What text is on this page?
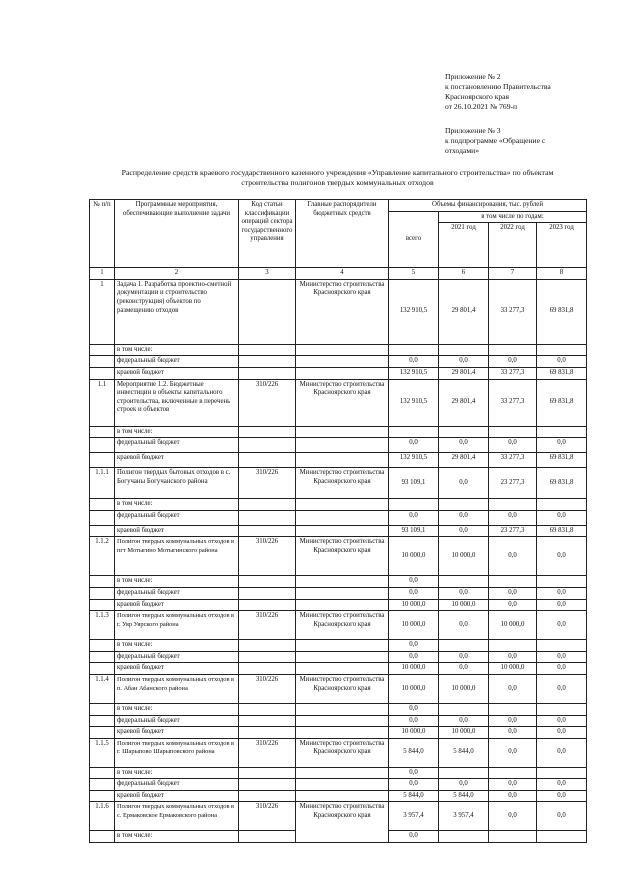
Приложение № 2
к постановлению Правительства
Красноярского края
от 26.10.2021 № 769-п
Приложение № 3
к подпрограмме «Обращение с
отходами»
Распределение средств краевого государственного казенного учреждения «Управление капитального строительства» по объектам
строительства полигонов твердых коммунальных отходов
№ п/п	Программные мероприятия, обеспечивающие выполнение задачи	Код статьи классификации операций сектора государственного управления	Главные распорядители бюджетных средств	Объемы финансирования, тыс. рублей			
				всего	в том числе по годам:		
					2021 год	2022 год	2023 год
1	2	3	4	5	6	7	8
1	Задача 1. Разработка проектно-сметной документации и строительство (реконструкция) объектов по размещению отходов		Министерство строительства Красноярского края	132 910,5	29 801,4	33 277,3	69 831,8
	в том числе:						
	федеральный бюджет			0,0	0,0	0,0	0,0
	краевой бюджет			132 910,5	29 801,4	33 277,3	69 831,8
1.1	Мероприятие 1.2. Бюджетные инвестиции в объекты капитального строительства, включенные в перечень строек и объектов	310/226	Министерство строительства Красноярского края	132 910,5	29 801,4	33 277,3	69 831,8
	в том числе:						
	федеральный бюджет			0,0	0,0	0,0	0,0
	краевой бюджет			132 910,5	29 801,4	33 277,3	69 831,8
1.1.1	Полигон твердых бытовых отходов в с. Богучаны Богучанского района	310/226	Министерство строительства Красноярского края	93 109,1	0,0	23 277,3	69 831,8
	в том числе:						
	федеральный бюджет			0,0	0,0	0,0	0,0
	краевой бюджет			93 109,1	0,0	23 277,3	69 831,8
1.1.2	Полигон твердых коммунальных отходов в пгт Мотыгино Мотыгинского района	310/226	Министерство строительства Красноярского края	10 000,0	10 000,0	0,0	0,0
	в том числе:			0,0			
	федеральный бюджет			0,0	0,0	0,0	0,0
	краевой бюджет			10 000,0	10 000,0	0,0	0,0
1.1.3	Полигон твердых коммунальных отходов в г. Уяр Уярского района	310/226	Министерство строительства Красноярского края	10 000,0	0,0	10 000,0	0,0
	в том числе:			0,0			
	федеральный бюджет			0,0	0,0	0,0	0,0
	краевой бюджет			10 000,0	0,0	10 000,0	0,0
1.1.4	Полигон твердых коммунальных отходов в п. Абан Абанского района	310/226	Министерство строительства Красноярского края	10 000,0	10 000,0	0,0	0,0
	в том числе:			0,0			
	федеральный бюджет			0,0	0,0	0,0	0,0
	краевой бюджет			10 000,0	10 000,0	0,0	0,0
1.1.5	Полигон твердых коммунальных отходов в г. Шарыпово Шарыповского района	310/226	Министерство строительства Красноярского края	5 844,0	5 844,0	0,0	0,0
	в том числе:			0,0			
	федеральный бюджет			0,0	0,0	0,0	0,0
	краевой бюджет			5 844,0	5 844,0	0,0	0,0
1.1.6	Полигон твердых коммунальных отходов в с. Ермаковское Ермаковского района	310/226	Министерство строительства Красноярского края	3 957,4	3 957,4	0,0	0,0
	в том числе:			0,0			
